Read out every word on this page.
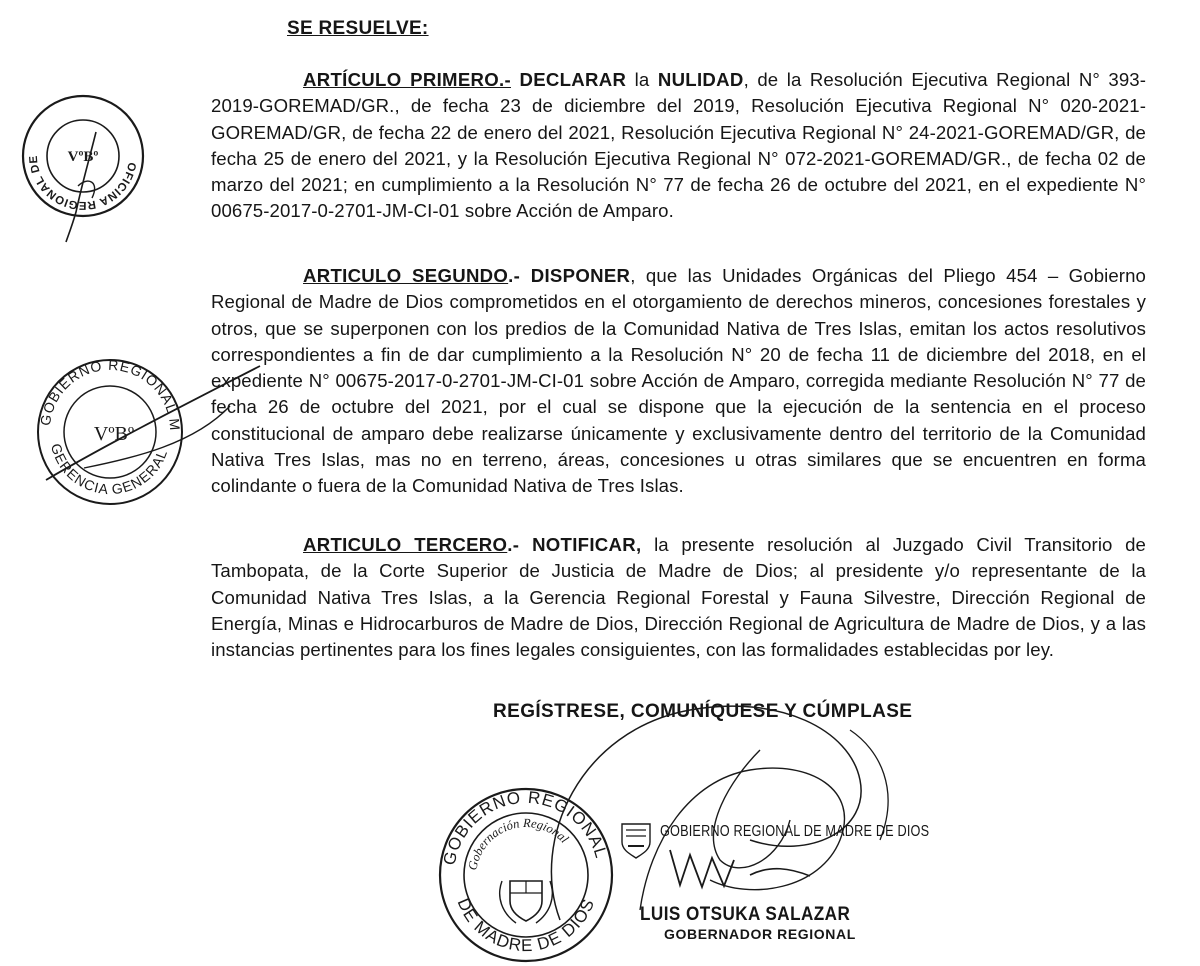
SE RESUELVE:

ARTÍCULO PRIMERO.- DECLARAR la NULIDAD, de la Resolución Ejecutiva Regional N° 393-2019-GOREMAD/GR., de fecha 23 de diciembre del 2019, Resolución Ejecutiva Regional N° 020-2021-GOREMAD/GR, de fecha 22 de enero del 2021, Resolución Ejecutiva Regional N° 24-2021-GOREMAD/GR, de fecha 25 de enero del 2021, y la Resolución Ejecutiva Regional N° 072-2021-GOREMAD/GR., de fecha 02 de marzo del 2021; en cumplimiento a la Resolución N° 77 de fecha 26 de octubre del 2021, en el expediente N° 00675-2017-0-2701-JM-CI-01 sobre Acción de Amparo.

ARTICULO SEGUNDO.- DISPONER, que las Unidades Orgánicas del Pliego 454 – Gobierno Regional de Madre de Dios comprometidos en el otorgamiento de derechos mineros, concesiones forestales y otros, que se superponen con los predios de la Comunidad Nativa de Tres Islas, emitan los actos resolutivos correspondientes a fin de dar cumplimiento a la Resolución N° 20 de fecha 11 de diciembre del 2018, en el expediente N° 00675-2017-0-2701-JM-CI-01 sobre Acción de Amparo, corregida mediante Resolución N° 77 de fecha 26 de octubre del 2021, por el cual se dispone que la ejecución de la sentencia en el proceso constitucional de amparo debe realizarse únicamente y exclusivamente dentro del territorio de la Comunidad Nativa Tres Islas, mas no en terreno, áreas, concesiones u otras similares que se encuentren en forma colindante o fuera de la Comunidad Nativa de Tres Islas.

ARTICULO TERCERO.- NOTIFICAR, la presente resolución al Juzgado Civil Transitorio de Tambopata, de la Corte Superior de Justicia de Madre de Dios; al presidente y/o representante de la Comunidad Nativa Tres Islas, a la Gerencia Regional Forestal y Fauna Silvestre, Dirección Regional de Energía, Minas e Hidrocarburos de Madre de Dios, Dirección Regional de Agricultura de Madre de Dios, y a las instancias pertinentes para los fines legales consiguientes, con las formalidades establecidas por ley.

REGÍSTRESE, COMUNÍQUESE Y CÚMPLASE
OFICINA REGIONAL DE ASESORIA JURIDICA
VºBº
GOBIERNO REGIONAL MDD
GERENCIA GENERAL
VºBº
GOBIERNO REGIONAL
DE MADRE DE DIOS
Gobernación Regional	GOBIERNO REGIONAL DE MADRE DE DIOS
LUIS OTSUKA SALAZAR
GOBERNADOR REGIONAL
